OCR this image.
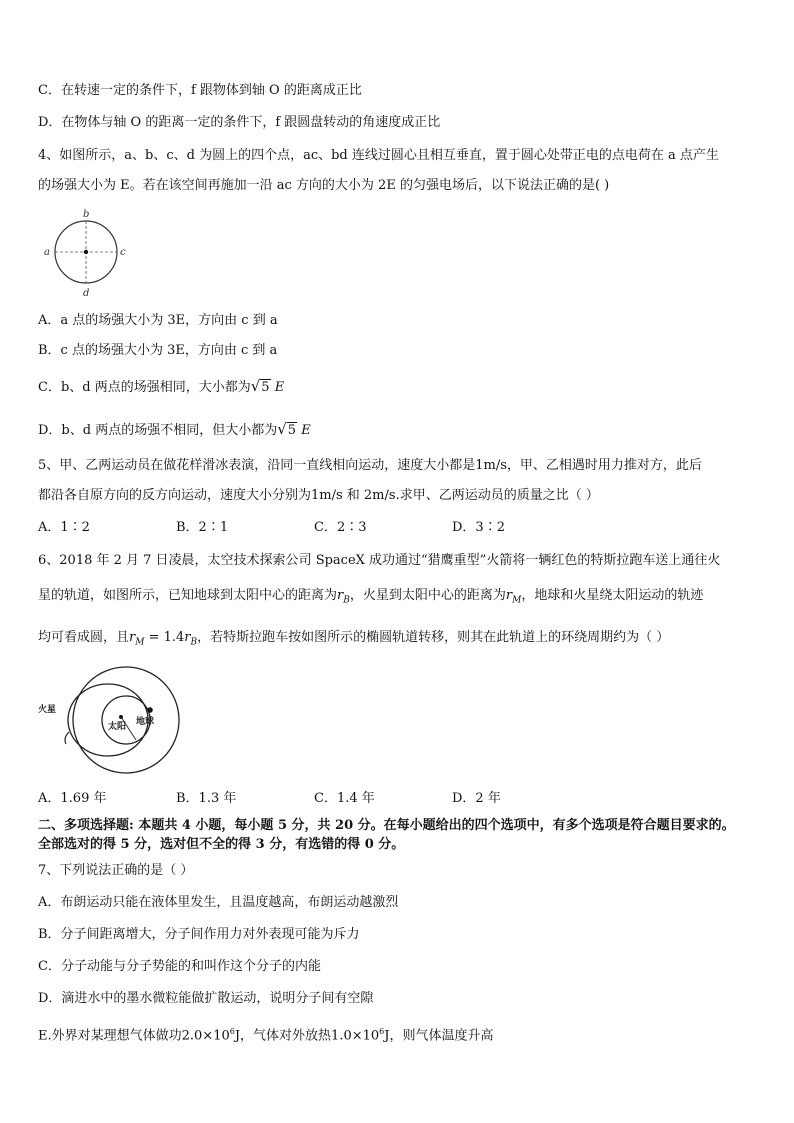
C．在转速一定的条件下，f 跟物体到轴 O 的距离成正比
D．在物体与轴 O 的距离一定的条件下，f 跟圆盘转动的角速度成正比
4、如图所示，a、b、c、d 为圆上的四个点，ac、bd 连线过圆心且相互垂直，置于圆心处带正电的点电荷在 a 点产生
的场强大小为 E。若在该空间再施加一沿 ac 方向的大小为 2E 的匀强电场后，以下说法正确的是( )
b
a	c
d
A．a 点的场强大小为 3E，方向由 c 到 a
B．c 点的场强大小为 3E，方向由 c 到 a
C．b、d 两点的场强相同，大小都为√5 E
D．b、d 两点的场强不相同，但大小都为√5 E
5、甲、乙两运动员在做花样滑冰表演，沿同一直线相向运动，速度大小都是1m/s，甲、乙相遇时用力推对方，此后
都沿各自原方向的反方向运动，速度大小分别为1m/s 和 2m/s.求甲、乙两运动员的质量之比（ ）
A．1∶2	B．2∶1	C．2∶3	D．3∶2
6、2018 年 2 月 7 日凌晨，太空技术探索公司 SpaceX 成功通过“猎鹰重型”火箭将一辆红色的特斯拉跑车送上通往火
星的轨道，如图所示，已知地球到太阳中心的距离为$r_B$，火星到太阳中心的距离为$r_M$，地球和火星绕太阳运动的轨迹
均可看成圆，且$r_M = 1.4r_B$，若特斯拉跑车按如图所示的椭圆轨道转移，则其在此轨道上的环绕周期约为（ ）
火星
太阳 地球
A．1.69 年	B．1.3 年	C．1.4 年	D．2 年
二、多项选择题: 本题共 4 小题，每小题 5 分，共 20 分。在每小题给出的四个选项中，有多个选项是符合题目要求的。
全部选对的得 5 分，选对但不全的得 3 分，有选错的得 0 分。
7、下列说法正确的是（ ）
A．布朗运动只能在液体里发生，且温度越高，布朗运动越激烈
B．分子间距离增大，分子间作用力对外表现可能为斥力
C．分子动能与分子势能的和叫作这个分子的内能
D．滴进水中的墨水微粒能做扩散运动，说明分子间有空隙
E.外界对某理想气体做功$2.0\times 10^6J$，气体对外放热$1.0\times 10^6J$，则气体温度升高
